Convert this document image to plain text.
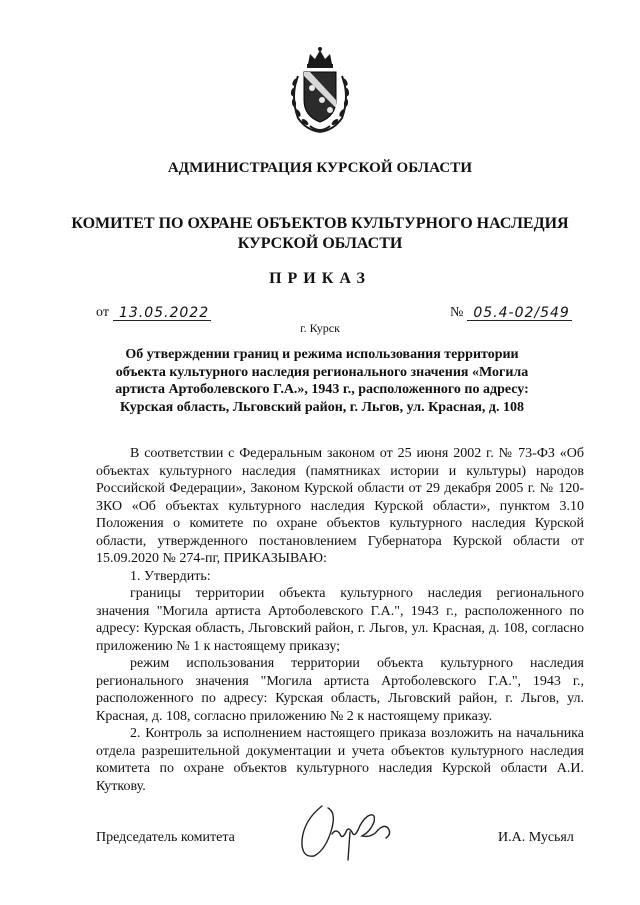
АДМИНИСТРАЦИЯ КУРСКОЙ ОБЛАСТИ
КОМИТЕТ ПО ОХРАНЕ ОБЪЕКТОВ КУЛЬТУРНОГО НАСЛЕДИЯ
КУРСКОЙ ОБЛАСТИ
ПРИКАЗ
от 13.05.2022	№ 05.4-02/549
г. Курск
Об утверждении границ и режима использования территории
объекта культурного наследия регионального значения «Могила
артиста Артоболевского Г.А.», 1943 г., расположенного по адресу:
Курская область, Льговский район, г. Льгов, ул. Красная, д. 108

В соответствии с Федеральным законом от 25 июня 2002 г. № 73-ФЗ «Об объектах культурного наследия (памятниках истории и культуры) народов Российской Федерации», Законом Курской области от 29 декабря 2005 г. № 120-ЗКО «Об объектах культурного наследия Курской области», пунктом 3.10 Положения о комитете по охране объектов культурного наследия Курской области, утвержденного постановлением Губернатора Курской области от 15.09.2020 № 274-пг, ПРИКАЗЫВАЮ:

1. Утвердить:

границы территории объекта культурного наследия регионального значения "Могила артиста Артоболевского Г.А.", 1943 г., расположенного по адресу: Курская область, Льговский район, г. Льгов, ул. Красная, д. 108, согласно приложению № 1 к настоящему приказу;

режим использования территории объекта культурного наследия регионального значения "Могила артиста Артоболевского Г.А.", 1943 г., расположенного по адресу: Курская область, Льговский район, г. Льгов, ул. Красная, д. 108, согласно приложению № 2 к настоящему приказу.

2. Контроль за исполнением настоящего приказа возложить на начальника отдела разрешительной документации и учета объектов культурного наследия комитета по охране объектов культурного наследия Курской области А.И. Куткову.

Председатель комитета	И.А. Мусьял
